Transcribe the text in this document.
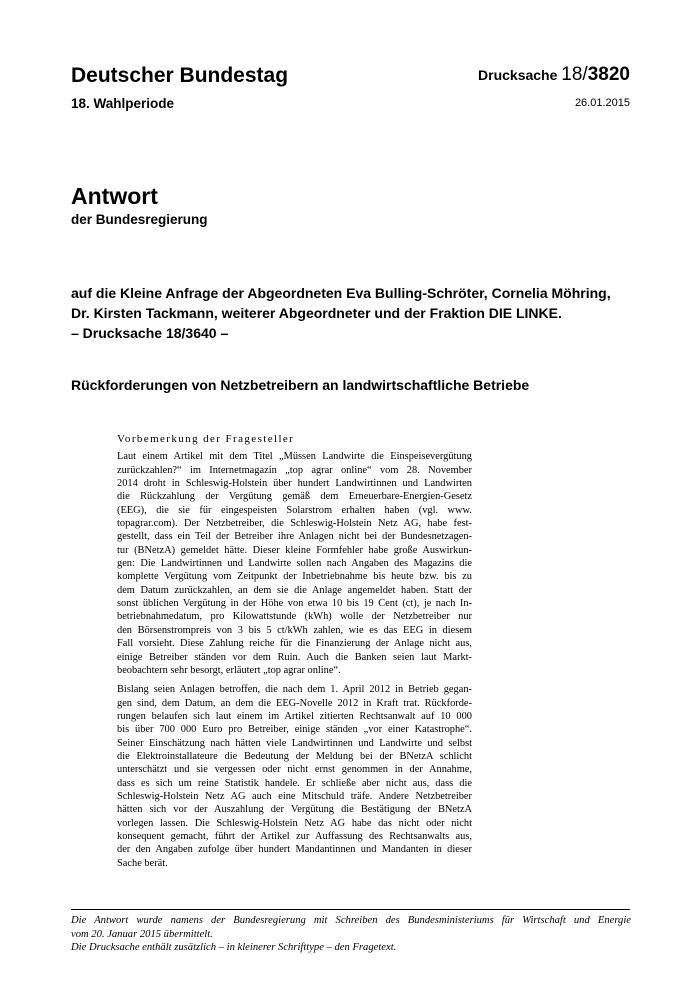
Deutscher Bundestag
18. Wahlperiode
Drucksache 18/3820
26.01.2015
Antwort
der Bundesregierung
auf die Kleine Anfrage der Abgeordneten Eva Bulling-Schröter, Cornelia Möhring,
Dr. Kirsten Tackmann, weiterer Abgeordneter und der Fraktion DIE LINKE.
– Drucksache 18/3640 –
Rückforderungen von Netzbetreibern an landwirtschaftliche Betriebe
Vorbemerkung der Fragesteller
Laut einem Artikel mit dem Titel „Müssen Landwirte die Einspeisevergütung
zurückzahlen?“ im Internetmagazin „top agrar online“ vom 28. November
2014 droht in Schleswig-Holstein über hundert Landwirtinnen und Landwirten
die Rückzahlung der Vergütung gemäß dem Erneuerbare-Energien-Gesetz
(EEG), die sie für eingespeisten Solarstrom erhalten haben (vgl. www.
topagrar.com). Der Netzbetreiber, die Schleswig-Holstein Netz AG, habe fest-
gestellt, dass ein Teil der Betreiber ihre Anlagen nicht bei der Bundesnetzagen-
tur (BNetzA) gemeldet hätte. Dieser kleine Formfehler habe große Auswirkun-
gen: Die Landwirtinnen und Landwirte sollen nach Angaben des Magazins die
komplette Vergütung vom Zeitpunkt der Inbetriebnahme bis heute bzw. bis zu
dem Datum zurückzahlen, an dem sie die Anlage angemeldet haben. Statt der
sonst üblichen Vergütung in der Höhe von etwa 10 bis 19 Cent (ct), je nach In-
betriebnahmedatum, pro Kilowattstunde (kWh) wolle der Netzbetreiber nur
den Börsenstrompreis von 3 bis 5 ct/kWh zahlen, wie es das EEG in diesem
Fall vorsieht. Diese Zahlung reiche für die Finanzierung der Anlage nicht aus,
einige Betreiber ständen vor dem Ruin. Auch die Banken seien laut Markt-
beobachtern sehr besorgt, erläutert „top agrar online“.
Bislang seien Anlagen betroffen, die nach dem 1. April 2012 in Betrieb gegan-
gen sind, dem Datum, an dem die EEG-Novelle 2012 in Kraft trat. Rückforde-
rungen belaufen sich laut einem im Artikel zitierten Rechtsanwalt auf 10 000
bis über 700 000 Euro pro Betreiber, einige ständen „vor einer Katastrophe“.
Seiner Einschätzung nach hätten viele Landwirtinnen und Landwirte und selbst
die Elektroinstallateure die Bedeutung der Meldung bei der BNetzA schlicht
unterschätzt und sie vergessen oder nicht ernst genommen in der Annahme,
dass es sich um reine Statistik handele. Er schließe aber nicht aus, dass die
Schleswig-Holstein Netz AG auch eine Mitschuld träfe. Andere Netzbetreiber
hätten sich vor der Auszahlung der Vergütung die Bestätigung der BNetzA
vorlegen lassen. Die Schleswig-Holstein Netz AG habe das nicht oder nicht
konsequent gemacht, führt der Artikel zur Auffassung des Rechtsanwalts aus,
der den Angaben zufolge über hundert Mandantinnen und Mandanten in dieser
Sache berät.
Die Antwort wurde namens der Bundesregierung mit Schreiben des Bundesministeriums für Wirtschaft und Energie
vom 20. Januar 2015 übermittelt.
Die Drucksache enthält zusätzlich – in kleinerer Schrifttype – den Fragetext.
